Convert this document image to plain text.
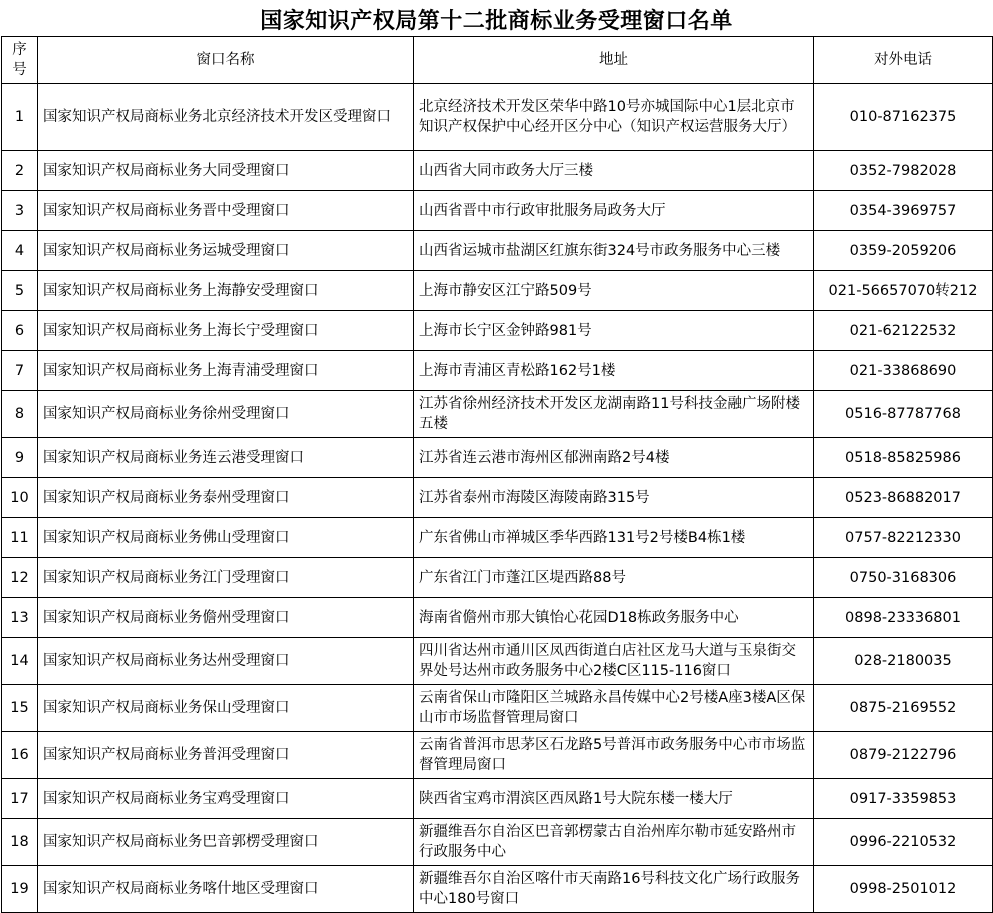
国家知识产权局第十二批商标业务受理窗口名单
序号	窗口名称	地址	对外电话
1	国家知识产权局商标业务北京经济技术开发区受理窗口	北京经济技术开发区荣华中路10号亦城国际中心1层北京市知识产权保护中心经开区分中心（知识产权运营服务大厅）	010-87162375
2	国家知识产权局商标业务大同受理窗口	山西省大同市政务大厅三楼	0352-7982028
3	国家知识产权局商标业务晋中受理窗口	山西省晋中市行政审批服务局政务大厅	0354-3969757
4	国家知识产权局商标业务运城受理窗口	山西省运城市盐湖区红旗东街324号市政务服务中心三楼	0359-2059206
5	国家知识产权局商标业务上海静安受理窗口	上海市静安区江宁路509号	021-56657070转212
6	国家知识产权局商标业务上海长宁受理窗口	上海市长宁区金钟路981号	021-62122532
7	国家知识产权局商标业务上海青浦受理窗口	上海市青浦区青松路162号1楼	021-33868690
8	国家知识产权局商标业务徐州受理窗口	江苏省徐州经济技术开发区龙湖南路11号科技金融广场附楼五楼	0516-87787768
9	国家知识产权局商标业务连云港受理窗口	江苏省连云港市海州区郁洲南路2号4楼	0518-85825986
10	国家知识产权局商标业务泰州受理窗口	江苏省泰州市海陵区海陵南路315号	0523-86882017
11	国家知识产权局商标业务佛山受理窗口	广东省佛山市禅城区季华西路131号2号楼B4栋1楼	0757-82212330
12	国家知识产权局商标业务江门受理窗口	广东省江门市蓬江区堤西路88号	0750-3168306
13	国家知识产权局商标业务儋州受理窗口	海南省儋州市那大镇怡心花园D18栋政务服务中心	0898-23336801
14	国家知识产权局商标业务达州受理窗口	四川省达州市通川区凤西街道白店社区龙马大道与玉泉街交界处号达州市政务服务中心2楼C区115-116窗口	028-2180035
15	国家知识产权局商标业务保山受理窗口	云南省保山市隆阳区兰城路永昌传媒中心2号楼A座3楼A区保山市市场监督管理局窗口	0875-2169552
16	国家知识产权局商标业务普洱受理窗口	云南省普洱市思茅区石龙路5号普洱市政务服务中心市市场监督管理局窗口	0879-2122796
17	国家知识产权局商标业务宝鸡受理窗口	陕西省宝鸡市渭滨区西凤路1号大院东楼一楼大厅	0917-3359853
18	国家知识产权局商标业务巴音郭楞受理窗口	新疆维吾尔自治区巴音郭楞蒙古自治州库尔勒市延安路州市行政服务中心	0996-2210532
19	国家知识产权局商标业务喀什地区受理窗口	新疆维吾尔自治区喀什市天南路16号科技文化广场行政服务中心180号窗口	0998-2501012
